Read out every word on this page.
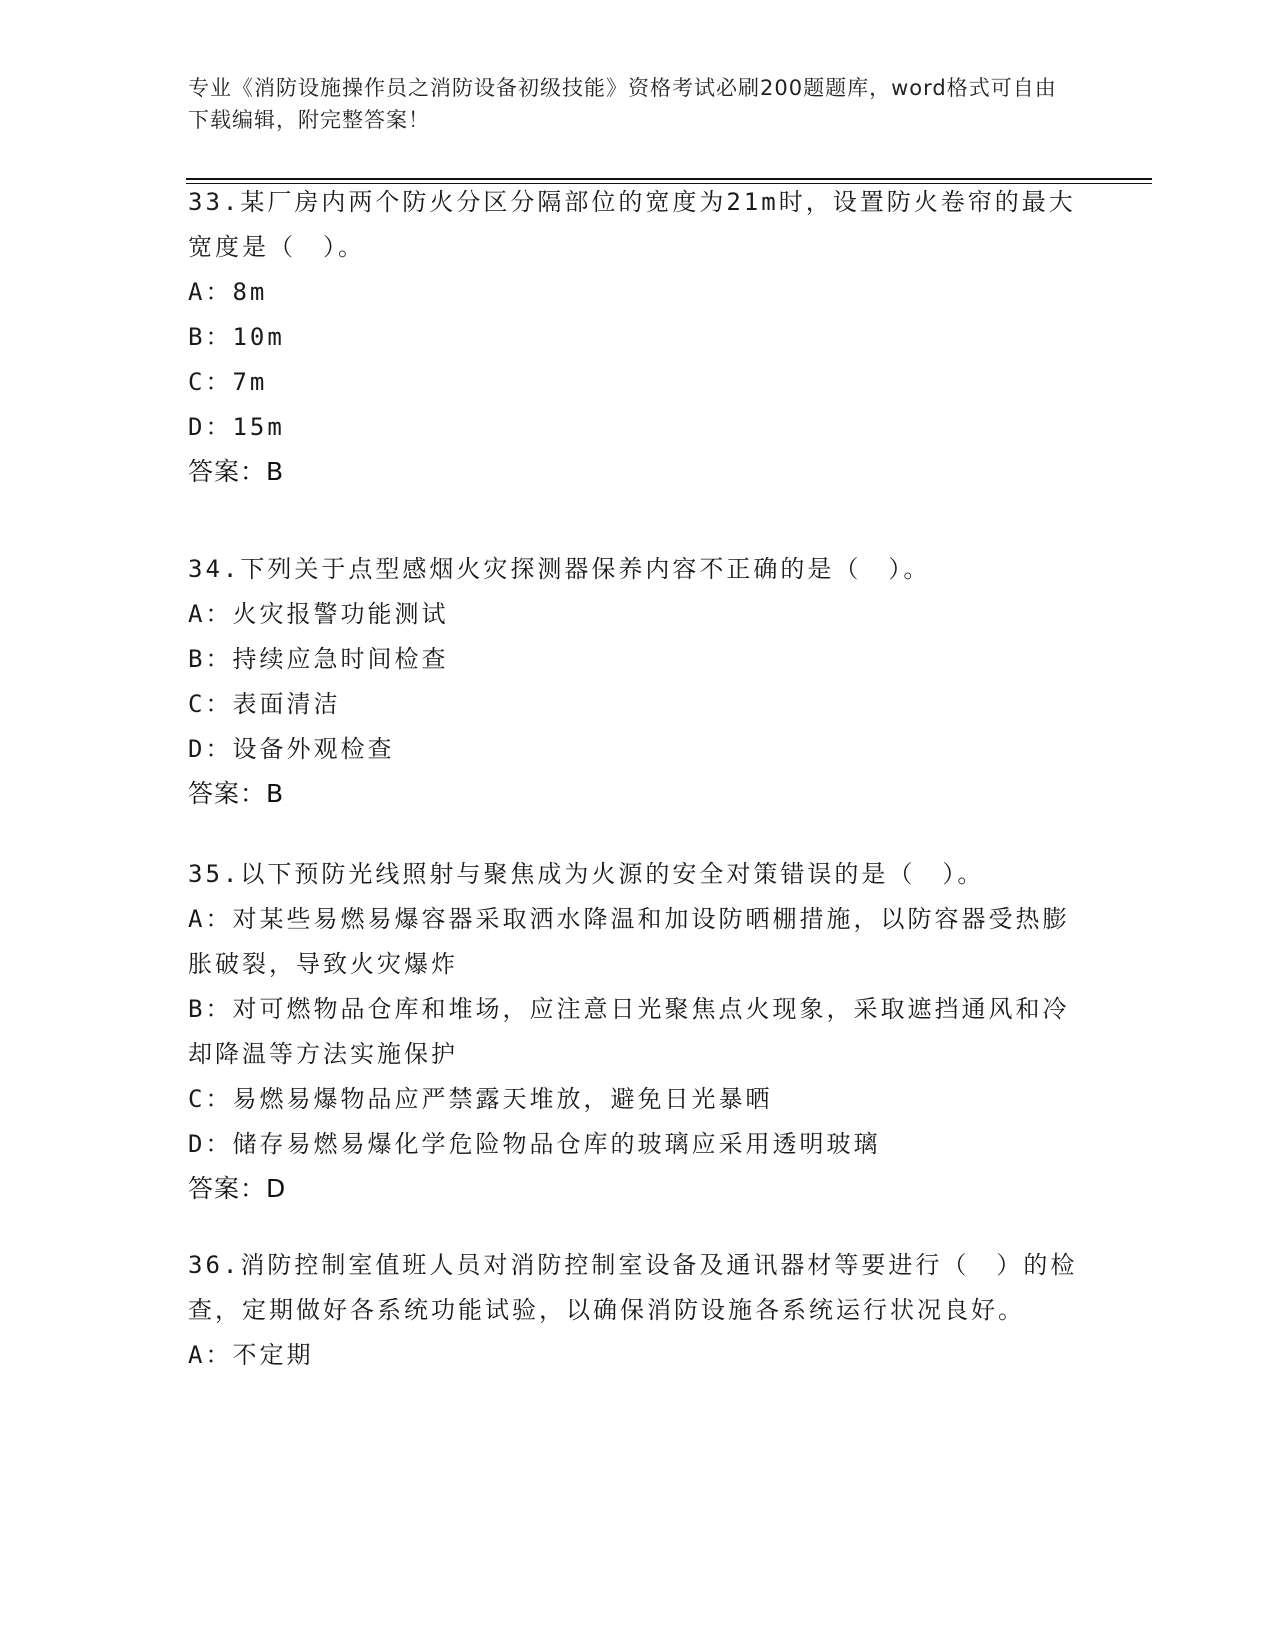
专业《消防设施操作员之消防设备初级技能》资格考试必刷200题题库，word格式可自由下载编辑，附完整答案！

33.某厂房内两个防火分区分隔部位的宽度为21m时，设置防火卷帘的最大宽度是（　）。

A：8m

B：10m

C：7m

D：15m

答案：B

34.下列关于点型感烟火灾探测器保养内容不正确的是（　）。

A：火灾报警功能测试

B：持续应急时间检查

C：表面清洁

D：设备外观检查

答案：B

35.以下预防光线照射与聚焦成为火源的安全对策错误的是（　）。

A：对某些易燃易爆容器采取洒水降温和加设防晒棚措施，以防容器受热膨胀破裂，导致火灾爆炸

B：对可燃物品仓库和堆场，应注意日光聚焦点火现象，采取遮挡通风和冷却降温等方法实施保护

C：易燃易爆物品应严禁露天堆放，避免日光暴晒

D：储存易燃易爆化学危险物品仓库的玻璃应采用透明玻璃

答案：D

36.消防控制室值班人员对消防控制室设备及通讯器材等要进行（　）的检查，定期做好各系统功能试验，以确保消防设施各系统运行状况良好。

A：不定期
